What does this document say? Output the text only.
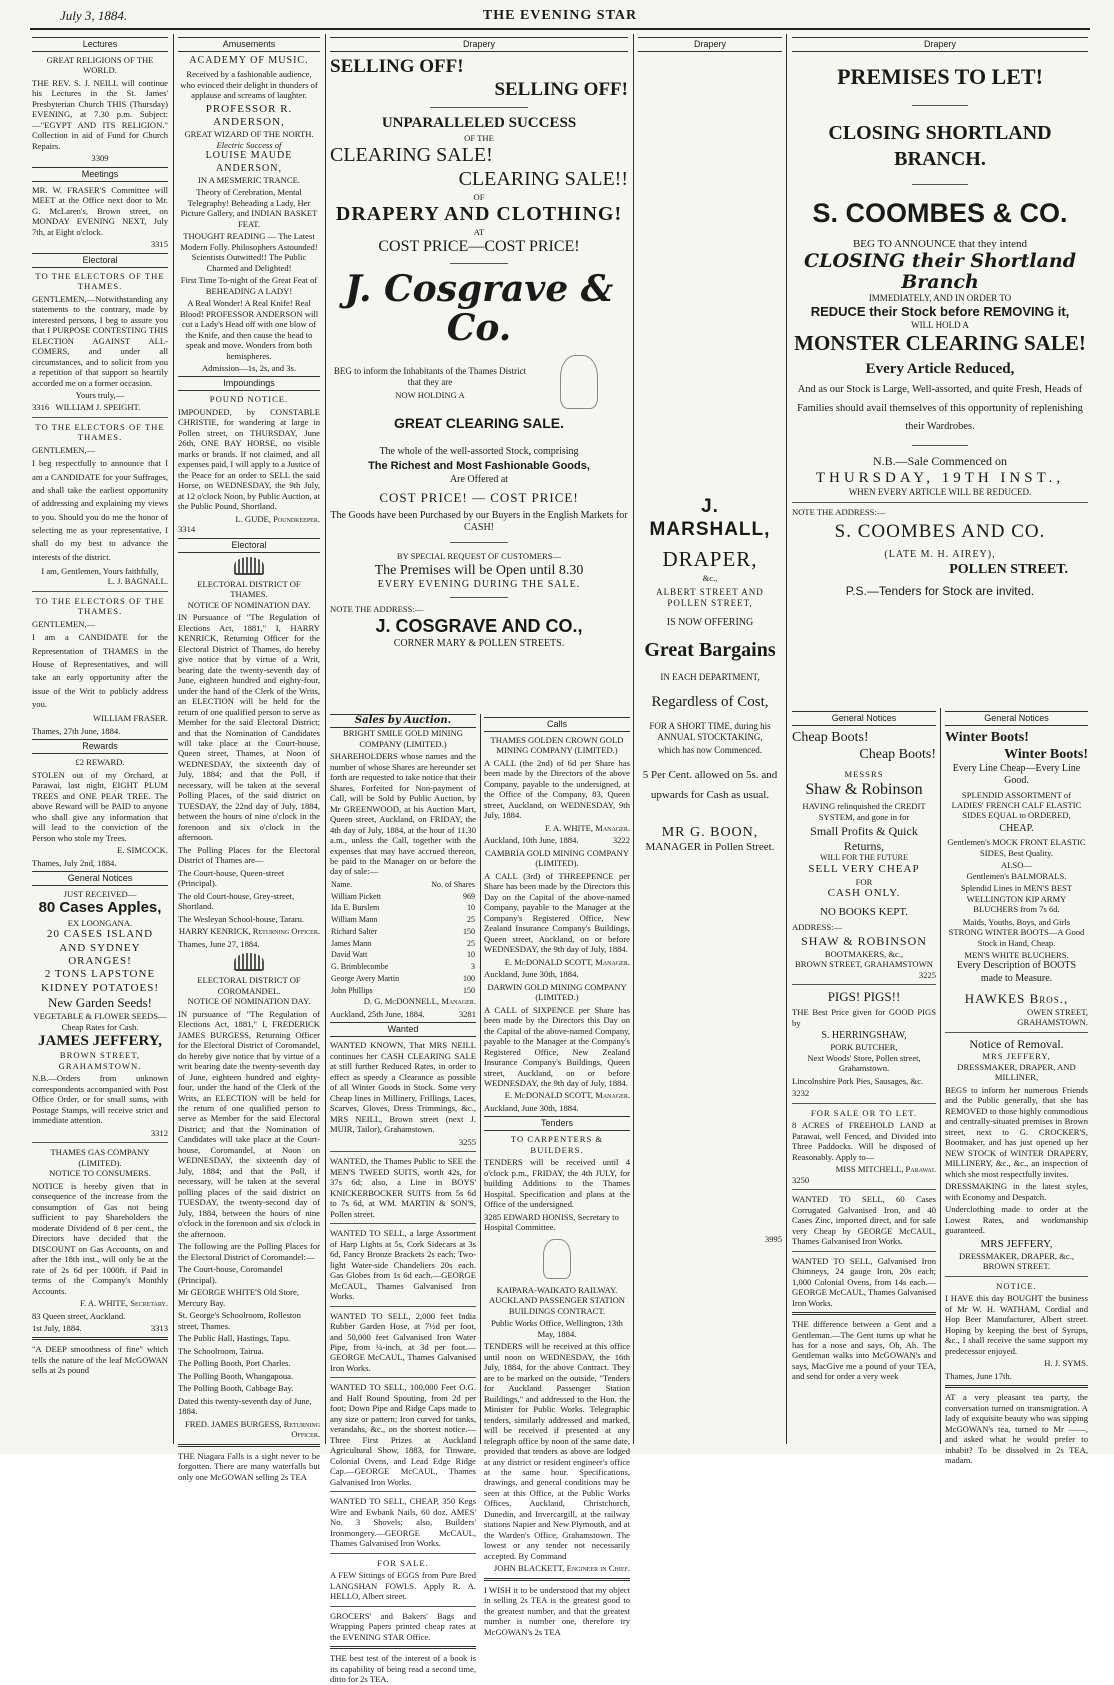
July 3, 1884.	THE EVENING STAR
Lectures
GREAT RELIGIONS OF THE WORLD.
THE REV. S. J. NEILL will continue his Lectures in the St. James' Presbyterian Church THIS (Thursday) EVENING, at 7.30 p.m. Subject:—"EGYPT AND ITS RELIGION." Collection in aid of Fund for Church Repairs.
3309
Meetings
MR. W. FRASER'S Committee will MEET at the Office next door to Mr. G. McLaren's, Brown street, on MONDAY EVENING NEXT, July 7th, at Eight o'clock.
3315
Electoral
TO THE ELECTORS OF THE THAMES.
GENTLEMEN,—Notwithstanding any statements to the contrary, made by interested persons, I beg to assure you that I PURPOSE CONTESTING THIS ELECTION AGAINST ALL-COMERS, and under all circumstances, and to solicit from you a repetition of that support so heartily accorded me on a former occasion.
Yours truly,—
3316 WILLIAM J. SPEIGHT.
TO THE ELECTORS OF THE THAMES.
GENTLEMEN,—
I beg respectfully to announce that I am a CANDIDATE for your Suffrages, and shall take the earliest opportunity of addressing and explaining my views to you. Should you do me the honor of selecting me as your representative, I shall do my best to advance the interests of the district.
I am, Gentlemen, Yours faithfully,
L. J. BAGNALL.
TO THE ELECTORS OF THE THAMES.
GENTLEMEN,—
I am a CANDIDATE for the Representation of THAMES in the House of Representatives, and will take an early opportunity after the issue of the Writ to publicly address you.
WILLIAM FRASER.
Thames, 27th June, 1884.
Rewards
£2 REWARD.
STOLEN out of my Orchard, at Parawai, last night, EIGHT PLUM TREES and ONE PEAR TREE. The above Reward will be PAID to anyone who shall give any information that will lead to the conviction of the Person who stole my Trees.
E. SIMCOCK.
Thames, July 2nd, 1884.
General Notices
JUST RECEIVED—
80 Cases Apples,
EX LOONGANA.
20 CASES ISLAND AND SYDNEY ORANGES!
2 TONS LAPSTONE KIDNEY POTATOES!
New Garden Seeds!
VEGETABLE & FLOWER SEEDS—
Cheap Rates for Cash.
JAMES JEFFERY,
BROWN STREET,
GRAHAMSTOWN.
N.B.—Orders from unknown correspondents accompanied with Post Office Order, or for small sums, with Postage Stamps, will receive strict and immediate attention.
3312
THAMES GAS COMPANY (LIMITED).
NOTICE TO CONSUMERS.
NOTICE is hereby given that in consequence of the increase from the consumption of Gas not being sufficient to pay Shareholders the moderate Dividend of 8 per cent., the Directors have decided that the DISCOUNT on Gas Accounts, on and after the 18th inst., will only be at the rate of 2s 6d per 1000ft. if Paid in terms of the Company's Monthly Accounts.
F. A. WHITE, Secretary.
83 Queen street, Auckland.
1st July, 1884.	3313
"A DEEP smoothness of fine" which tells the nature of the leaf McGOWAN sells at 2s pound
Amusements
ACADEMY OF MUSIC.
Received by a fashionable audience, who evinced their delight in thunders of applause and screams of laughter.
PROFESSOR R. ANDERSON,
GREAT WIZARD OF THE NORTH.
Electric Success of
LOUISE MAUDE ANDERSON,
IN A MESMERIC TRANCE.
Theory of Cerebration, Mental Telegraphy! Beheading a Lady, Her Picture Gallery, and INDIAN BASKET FEAT.
THOUGHT READING — The Latest Modern Folly. Philosophers Astounded! Scientists Outwitted!! The Public Charmed and Delighted!
First Time To-night of the Great Feat of BEHEADING A LADY!
A Real Wonder! A Real Knife! Real Blood! PROFESSOR ANDERSON will cut a Lady's Head off with one blow of the Knife, and then cause the head to speak and move. Wonders from both hemispheres.
Admission—1s, 2s, and 3s.
Impoundings
POUND NOTICE.
IMPOUNDED, by CONSTABLE CHRISTIE, for wandering at large in Pollen street, on THURSDAY, June 26th, ONE BAY HORSE, no visible marks or brands. If not claimed, and all expenses paid, I will apply to a Justice of the Peace for an order to SELL the said Horse, on WEDNESDAY, the 9th July, at 12 o'clock Noon, by Public Auction, at the Public Pound, Shortland.
L. GUDE, Poundkeeper.
3314
Electoral
ELECTORAL DISTRICT OF THAMES.
NOTICE OF NOMINATION DAY.
IN Pursuance of "The Regulation of Elections Act, 1881," I, HARRY KENRICK, Returning Officer for the Electoral District of Thames, do hereby give notice that by virtue of a Writ, bearing date the twenty-seventh day of June, eighteen hundred and eighty-four, under the hand of the Clerk of the Writs, an ELECTION will be held for the return of one qualified person to serve as Member for the said Electoral District; and that the Nomination of Candidates will take place at the Court-house, Queen street, Thames, at Noon of WEDNESDAY, the sixteenth day of July, 1884; and that the Poll, if necessary, will be taken at the several Polling Places, of the said district on TUESDAY, the 22nd day of July, 1884, between the hours of nine o'clock in the forenoon and six o'clock in the afternoon.
The Polling Places for the Electoral District of Thames are—
The Court-house, Queen-street (Principal).
The old Court-house, Grey-street, Shortland.
The Wesleyan School-house, Tararu.
HARRY KENRICK, Returning Officer.
Thames, June 27, 1884.
ELECTORAL DISTRICT OF COROMANDEL.
NOTICE OF NOMINATION DAY.
IN pursuance of "The Regulation of Elections Act, 1881," I, FREDERICK JAMES BURGESS, Returning Officer for the Electoral District of Coromandel, do hereby give notice that by virtue of a writ bearing date the twenty-seventh day of June, eighteen hundred and eighty-four, under the hand of the Clerk of the Writs, an ELECTION will be held for the return of one qualified person to serve as Member for the said Electoral District; and that the Nomination of Candidates will take place at the Court-house, Coromandel, at Noon on WEDNESDAY, the sixteenth day of July, 1884; and that the Poll, if necessary, will be taken at the several polling places of the said district on TUESDAY, the twenty-second day of July, 1884, between the hours of nine o'clock in the forenoon and six o'clock in the afternoon.
The following are the Polling Places for the Electoral District of Coromandel:—
The Court-house, Coromandel (Principal).
Mr GEORGE WHITE'S Old Store, Mercury Bay.
St. George's Schoolroom, Rolleston street, Thames.
The Public Hall, Hastings, Tapu.
The Schoolroom, Tairua.
The Polling Booth, Port Charles.
The Polling Booth, Whangapoua.
The Polling Booth, Cabbage Bay.
Dated this twenty-seventh day of June, 1884.
FRED. JAMES BURGESS, Returning Officer.
THE Niagara Falls is a sight never to be forgotten. There are many waterfalls but only one McGOWAN selling 2s TEA
Drapery
SELLING OFF!
SELLING OFF!
UNPARALLELED SUCCESS
OF THE
CLEARING SALE!
CLEARING SALE!!
OF
DRAPERY AND CLOTHING!
AT
COST PRICE—COST PRICE!
J. Cosgrave & Co.
BEG to inform the Inhabitants of the Thames District that they are
NOW HOLDING A
GREAT CLEARING SALE.
The whole of the well-assorted Stock, comprising
The Richest and Most Fashionable Goods,
Are Offered at
COST PRICE! — COST PRICE!
The Goods have been Purchased by our Buyers in the English Markets for CASH!
BY SPECIAL REQUEST OF CUSTOMERS—
The Premises will be Open until 8.30
EVERY EVENING DURING THE SALE.
NOTE THE ADDRESS:—
J. COSGRAVE AND CO.,
CORNER MARY & POLLEN STREETS.
Sales by Auction.
BRIGHT SMILE GOLD MINING COMPANY (LIMITED.)
SHAREHOLDERS whose names and the number of whose Shares are hereunder set forth are requested to take notice that their Shares, Forfeited for Non-payment of Call, will be Sold by Public Auction, by Mr GREENWOOD, at his Auction Mart, Queen street, Auckland, on FRIDAY, the 4th day of July, 1884, at the hour of 11.30 a.m., unless the Call, together with the expenses that may have accrued thereon, be paid to the Manager on or before the day of sale:—
Name.	No. of Shares
William Pickett	969
Ida E. Burslem	10
William Mann	25
Richard Salter	150
James Mann	25
David Watt	10
G. Brimblecombe	3
George Avery Martin	100
John Phillips	150
D. G. McDONNELL, Manager.
Auckland, 25th June, 1884.	3281
Wanted
WANTED KNOWN, That MRS NEILL continues her CASH CLEARING SALE at still further Reduced Rates, in order to effect as speedy a Clearance as possible of all Winter Goods in Stock. Some very Cheap lines in Millinery, Frillings, Laces, Scarves, Gloves, Dress Trimmings, &c., MRS NEILL, Brown street (next J. MUIR, Tailor), Grahamstown.
3255
WANTED, the Thames Public to SEE the MEN'S TWEED SUITS, worth 42s, for 37s 6d; also, a Line in BOYS' KNICKERBOCKER SUITS from 5s 6d to 7s 6d, at WM. MARTIN & SON'S, Pollen street.
WANTED TO SELL, a large Assortment of Harp Lights at 5s, Cork Sidecars at 3s 6d, Fancy Bronze Brackets 2s each; Two-light Water-side Chandeliers 20s each. Gas Globes from 1s 6d each.—GEORGE McCAUL, Thames Galvanised Iron Works.
WANTED TO SELL, 2,000 feet India Rubber Garden Hose, at 7½d per foot, and 50,000 feet Galvanised Iron Water Pipe, from ¼-inch, at 3d per foot.—GEORGE McCAUL, Thames Galvanised Iron Works.
WANTED TO SELL, 100,000 Feet O.G. and Half Round Spouting, from 2d per foot; Down Pipe and Ridge Caps made to any size or pattern; Iron curved for tanks, verandahs, &c., on the shortest notice.—Three First Prizes at Auckland Agricultural Show, 1883, for Tinware, Colonial Ovens, and Lead Edge Ridge Cap.—GEORGE McCAUL, Thames Galvanised Iron Works.
WANTED TO SELL, CHEAP, 350 Kegs Wire and Ewbank Nails, 60 doz. AMES' No. 3 Shovels; also, Builders' Ironmongery.—GEORGE McCAUL, Thames Galvanised Iron Works.
FOR SALE.
A FEW Sittings of EGGS from Pure Bred LANGSHAN FOWLS. Apply R. A. HELLO, Albert street.
GROCERS' and Bakers' Bags and Wrapping Papers printed cheap rates at the EVENING STAR Office.
THE best test of the interest of a book is its capability of being read a second time, ditto for 2s TEA.
Calls
THAMES GOLDEN CROWN GOLD MINING COMPANY (LIMITED.)
A CALL (the 2nd) of 6d per Share has been made by the Directors of the above Company, payable to the undersigned, at the Office of the Company, 83, Queen street, Auckland, on WEDNESDAY, 9th July, 1884.
F. A. WHITE, Manager.
Auckland, 10th June, 1884.	3222
CAMBRIA GOLD MINING COMPANY (LIMITED).
A CALL (3rd) of THREEPENCE per Share has been made by the Directors this Day on the Capital of the above-named Company, payable to the Manager at the Company's Registered Office, New Zealand Insurance Company's Buildings, Queen street, Auckland, on or before WEDNESDAY, the 9th day of July, 1884.
E. McDONALD SCOTT, Manager.
Auckland, June 30th, 1884.
DARWIN GOLD MINING COMPANY (LIMITED.)
A CALL of SIXPENCE per Share has been made by the Directors this Day on the Capital of the above-named Company, payable to the Manager at the Company's Registered Office, New Zealand Insurance Company's Buildings, Queen street, Auckland, on or before WEDNESDAY, the 9th day of July, 1884.
E. McDONALD SCOTT, Manager.
Auckland, June 30th, 1884.
Tenders
TO CARPENTERS & BUILDERS.
TENDERS will be received until 4 o'clock p.m., FRIDAY, the 4th JULY, for building Additions to the Thames Hospital. Specification and plans at the Office of the undersigned.
3285 EDWARD HONISS, Secretary to Hospital Committee.
KAIPARA-WAIKATO RAILWAY.
AUCKLAND PASSENGER STATION BUILDINGS CONTRACT.
Public Works Office, Wellington, 13th May, 1884.
TENDERS will be received at this office until noon on WEDNESDAY, the 16th July, 1884, for the above Contract. They are to be marked on the outside, "Tenders for Auckland Passenger Station Buildings," and addressed to the Hon. the Minister for Public Works. Telegraphic tenders, similarly addressed and marked, will be received if presented at any telegraph office by noon of the same date, provided that tenders as above are lodged at any district or resident engineer's office at the same hour. Specifications, drawings, and general conditions may be seen at this Office, at the Public Works Offices, Auckland, Christchurch, Dunedin, and Invercargill, at the railway stations Napier and New Plymouth, and at the Warden's Office, Grahamstown. The lowest or any tender not necessarily accepted. By Command
JOHN BLACKETT, Engineer in Chief.
I WISH it to be understood that my object in selling 2s TEA is the greatest good to the greatest number, and that the greatest number is number one, therefore try McGOWAN's 2s TEA
Drapery
J. MARSHALL,
DRAPER,
&c.,
ALBERT STREET AND POLLEN STREET,
IS NOW OFFERING
Great Bargains
IN EACH DEPARTMENT,
Regardless of Cost,
FOR A SHORT TIME, during his ANNUAL STOCKTAKING,
which has now Commenced.
5 Per Cent. allowed on 5s. and upwards for Cash as usual.
MR G. BOON,
MANAGER in Pollen Street.
3995
Drapery
PREMISES TO LET!
CLOSING SHORTLAND BRANCH.
S. COOMBES & CO.
BEG TO ANNOUNCE that they intend
CLOSING their Shortland Branch
IMMEDIATELY, AND IN ORDER TO
REDUCE their Stock before REMOVING it,
WILL HOLD A
MONSTER CLEARING SALE!
Every Article Reduced,
And as our Stock is Large, Well-assorted, and quite Fresh, Heads of Families should avail themselves of this opportunity of replenishing their Wardrobes.
N.B.—Sale Commenced on
THURSDAY, 19TH INST.,
WHEN EVERY ARTICLE WILL BE REDUCED.
NOTE THE ADDRESS:—
S. COOMBES AND CO.
(LATE M. H. AIREY),
POLLEN STREET.
P.S.—Tenders for Stock are invited.
General Notices
Cheap Boots!
Cheap Boots!
MESSRS
Shaw & Robinson
HAVING relinquished the CREDIT SYSTEM, and gone in for
Small Profits & Quick Returns,
WILL FOR THE FUTURE
SELL VERY CHEAP
FOR
CASH ONLY.
NO BOOKS KEPT.
ADDRESS:—
SHAW & ROBINSON
BOOTMAKERS, &c.,
BROWN STREET, GRAHAMSTOWN
3225
PIGS! PIGS!!
THE Best Price given for GOOD PIGS by
S. HERRINGSHAW,
PORK BUTCHER,
Next Woods' Store, Pollen street, Grahamstown.
Lincolnshire Pork Pies, Sausages, &c.
3232
FOR SALE OR TO LET.
8 ACRES of FREEHOLD LAND at Parawai, well Fenced, and Divided into Three Paddocks. Will be disposed of Reasonably. Apply to—
MISS MITCHELL, Parawai.
3250
WANTED TO SELL, 60 Cases Corrugated Galvanised Iron, and 40 Cases Zinc, imported direct, and for sale very Cheap by GEORGE McCAUL, Thames Galvanised Iron Works.
WANTED TO SELL, Galvanised Iron Chimneys, 24 gauge Iron, 20s each; 1,000 Colonial Ovens, from 14s each.—GEORGE McCAUL, Thames Galvanised Iron Works.
THE difference between a Gent and a Gentleman.—The Gent turns up what he has for a nose and says, Oh, Ah. The Gentleman walks into McGOWAN's and says, MacGive me a pound of your TEA, and send for order a very week
General Notices
Winter Boots!
Winter Boots!
Every Line Cheap—Every Line Good.
SPLENDID ASSORTMENT of LADIES' FRENCH CALF ELASTIC SIDES EQUAL to ORDERED,
CHEAP.
Gentlemen's MOCK FRONT ELASTIC SIDES, Best Quality.
ALSO—
Gentlemen's BALMORALS.
Splendid Lines in MEN'S BEST WELLINGTON KIP ARMY BLUCHERS from 7s 6d.
Maids, Youths, Boys, and Girls STRONG WINTER BOOTS—A Good Stock in Hand, Cheap.
MEN'S WHITE BLUCHERS.
Every Description of BOOTS made to Measure.
HAWKES Bros.,
OWEN STREET,
GRAHAMSTOWN.
Notice of Removal.
MRS JEFFERY,
DRESSMAKER, DRAPER, AND MILLINER,
BEGS to inform her numerous Friends and the Public generally, that she has REMOVED to those highly commodious and centrally-situated premises in Brown street, next to G. CROCKER'S, Bootmaker, and has just opened up her NEW STOCK of WINTER DRAPERY, MILLINERY, &c., &c., an inspection of which she most respectfully invites.
DRESSMAKING in the latest styles, with Economy and Despatch.
Underclothing made to order at the Lowest Rates, and workmanship guaranteed.
MRS JEFFERY,
DRESSMAKER, DRAPER, &c., BROWN STREET.
NOTICE.
I HAVE this day BOUGHT the business of Mr W. H. WATHAM, Cordial and Hop Beer Manufacturer, Albert street. Hoping by keeping the best of Syrups, &c., I shall receive the same support my predecessor enjoyed.
H. J. SYMS.
Thames, June 17th.
AT a very pleasant tea party, the conversation turned on transmigration. A lady of exquisite beauty who was sipping McGOWAN's tea, turned to Mr ——, and asked what he would prefer to inhabit? To be dissolved in 2s TEA, madam.
